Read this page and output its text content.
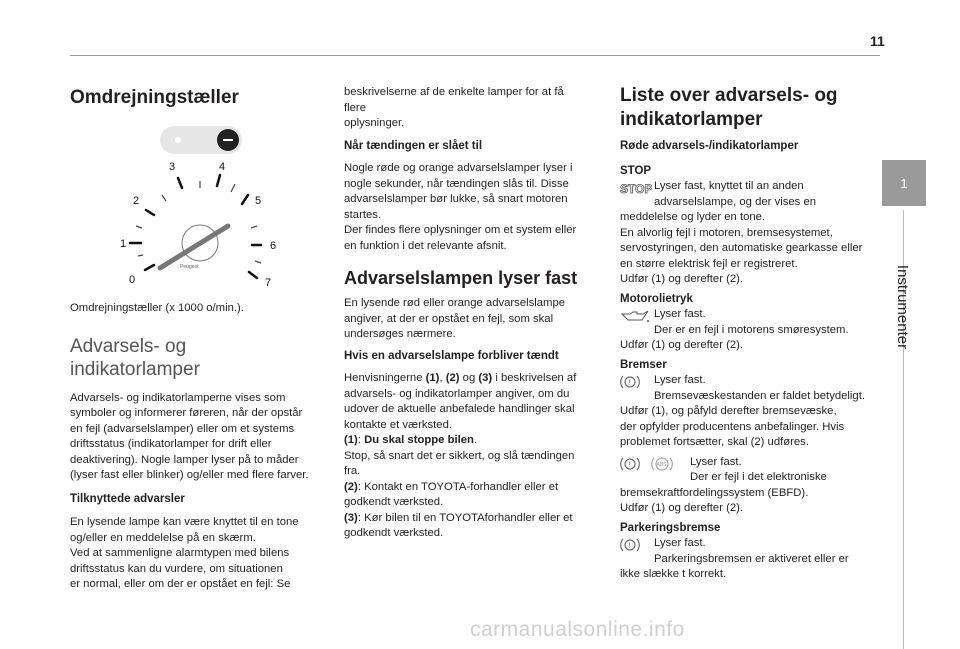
11
1
Instrumenter
Omdrejningstæller
0
1
2
3	4
5
6
7
Peugeot

Omdrejningstæller (x 1000 o/min.).

Advarsels- og
indikatorlamper

Advarsels- og indikatorlamperne vises som

symboler og informerer føreren, når der opstår

en fejl (advarselslamper) eller om et systems

driftsstatus (indikatorlamper for drift eller

deaktivering). Nogle lamper lyser på to måder

(lyser fast eller blinker) og/eller med flere farver.

Tilknyttede advarsler

En lysende lampe kan være knyttet til en tone

og/eller en meddelelse på en skærm.

Ved at sammenligne alarmtypen med bilens

driftsstatus kan du vurdere, om situationen

er normal, eller om der er opstået en fejl: Se

beskrivelserne af de enkelte lamper for at få flere

oplysninger.

Når tændingen er slået til

Nogle røde og orange advarselslamper lyser i

nogle sekunder, når tændingen slås til. Disse

advarselslamper bør lukke, så snart motoren

startes.

Der findes flere oplysninger om et system eller

en funktion i det relevante afsnit.

Advarselslampen lyser fast

En lysende rød eller orange advarselslampe

angiver, at der er opstået en fejl, som skal

undersøges nærmere.

Hvis en advarselslampe forbliver tændt

Henvisningerne (1), (2) og (3) i beskrivelsen af

advarsels- og indikatorlamper angiver, om du

udover de aktuelle anbefalede handlinger skal

kontakte et værksted.

(1): Du skal stoppe bilen.

Stop, så snart det er sikkert, og slå tændingen

fra.

(2): Kontakt en TOYOTA-forhandler eller et

godkendt værksted.

(3): Kør bilen til en TOYOTAforhandler eller et

godkendt værksted.

Liste over advarsels- og
indikatorlamper

Røde advarsels-/indikatorlamper

STOP

STOP Lyser fast, knyttet til an anden

advarselslampe, og der vises en

meddelelse og lyder en tone.

En alvorlig fejl i motoren, bremsesystemet,

servostyringen, den automatiske gearkasse eller

en større elektrisk fejl er registreret.

Udfør (1) og derefter (2).

Motorolietryk

Lyser fast.

Der er en fejl i motorens smøresystem.

Udfør (1) og derefter (2).

Bremser

! Lyser fast.

Bremsevæskestanden er faldet betydeligt.

Udfør (1), og påfyld derefter bremsevæske,

der opfylder producentens anbefalinger. Hvis

problemet fortsætter, skal (2) udføres.

!	ABS Lyser fast.

Der er fejl i det elektroniske

bremsekraftfordelingssystem (EBFD).

Udfør (1) og derefter (2).

Parkeringsbremse

! Lyser fast.

Parkeringsbremsen er aktiveret eller er

ikke slække t korrekt.

carmanualsonline.info
